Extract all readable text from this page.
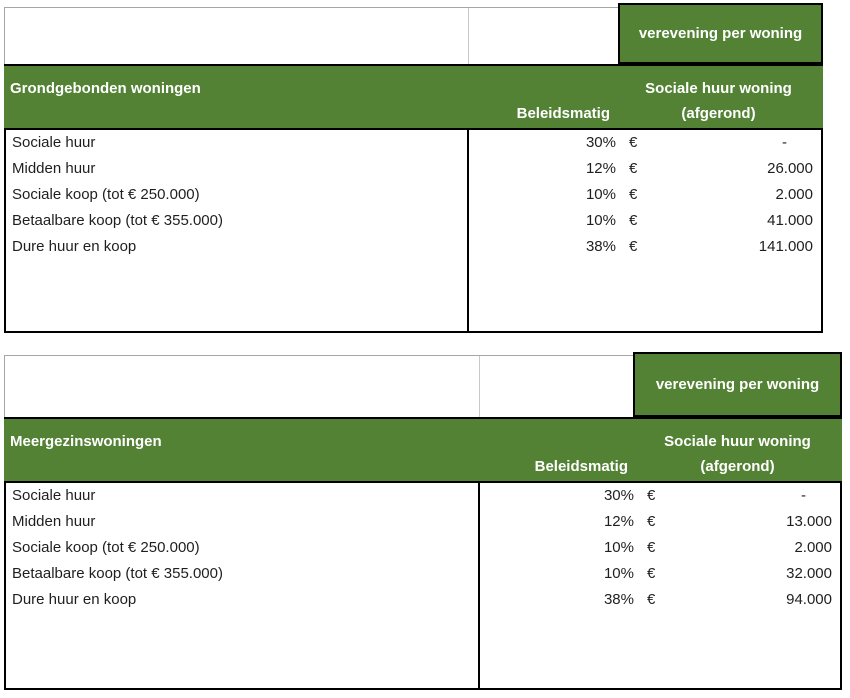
verevening per woning
Grondgebonden woningen
Beleidsmatig
Sociale huur woning (afgerond)
Sociale huur	30% €	-
Midden huur	12% €	26.000
Sociale koop (tot € 250.000)	10% €	2.000
Betaalbare koop (tot € 355.000)	10% €	41.000
Dure huur en koop	38% €	141.000
verevening per woning
Meergezinswoningen
Beleidsmatig
Sociale huur woning (afgerond)
Sociale huur	30% €	-
Midden huur	12% €	13.000
Sociale koop (tot € 250.000)	10% €	2.000
Betaalbare koop (tot € 355.000)	10% €	32.000
Dure huur en koop	38% €	94.000
